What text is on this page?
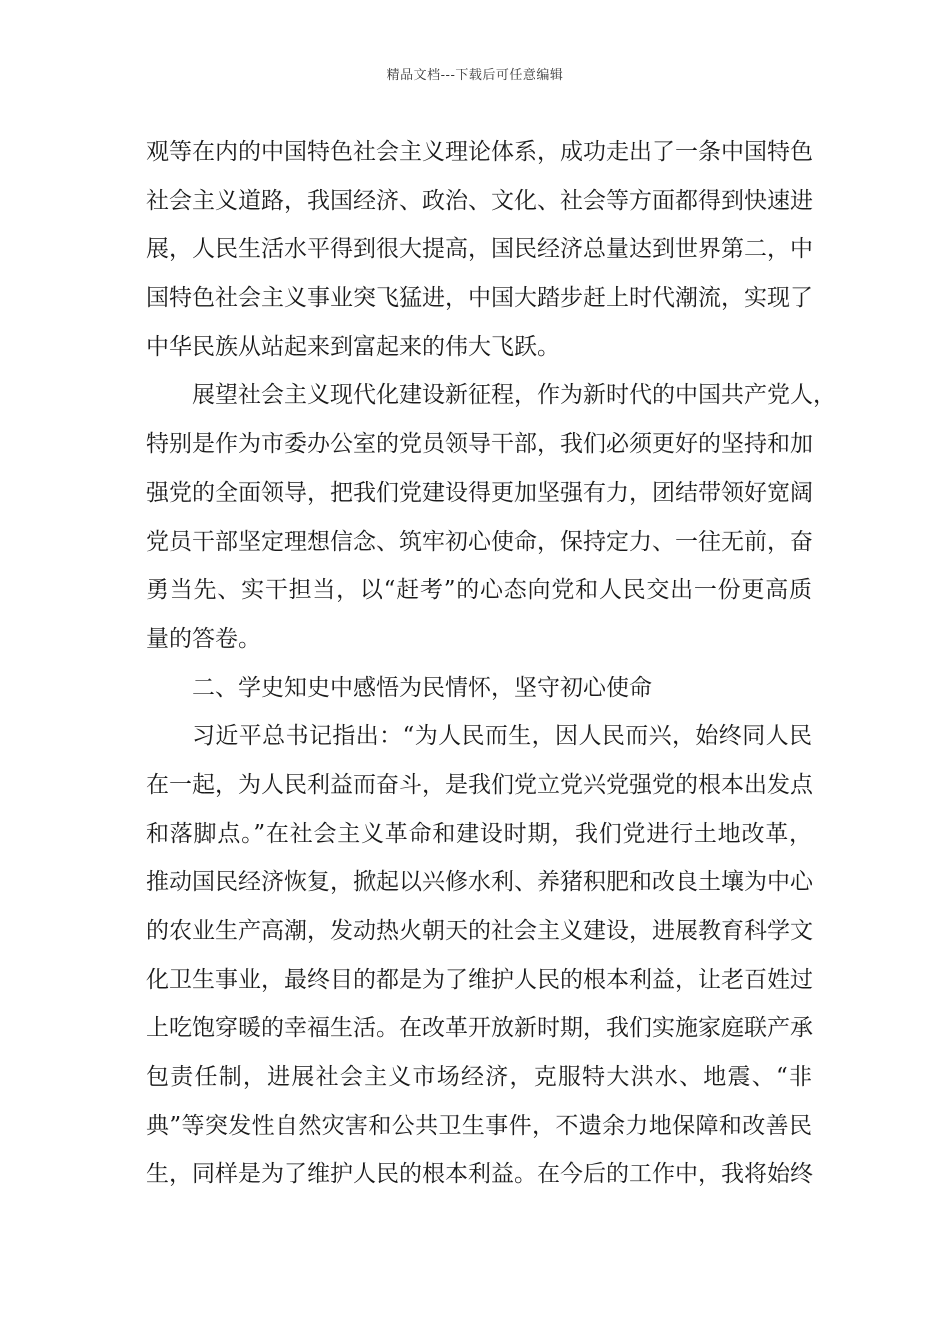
精品文档---下载后可任意编辑
观等在内的中国特色社会主义理论体系，成功走出了一条中国特色
社会主义道路，我国经济、政治、文化、社会等方面都得到快速进
展，人民生活水平得到很大提高，国民经济总量达到世界第二，中
国特色社会主义事业突飞猛进，中国大踏步赶上时代潮流，实现了
中华民族从站起来到富起来的伟大飞跃。
展望社会主义现代化建设新征程，作为新时代的中国共产党人，
特别是作为市委办公室的党员领导干部，我们必须更好的坚持和加
强党的全面领导，把我们党建设得更加坚强有力，团结带领好宽阔
党员干部坚定理想信念、筑牢初心使命，保持定力、一往无前，奋
勇当先、实干担当，以“赶考”的心态向党和人民交出一份更高质
量的答卷。
二、学史知史中感悟为民情怀，坚守初心使命
习近平总书记指出：“为人民而生，因人民而兴，始终同人民
在一起，为人民利益而奋斗，是我们党立党兴党强党的根本出发点
和落脚点。”在社会主义革命和建设时期，我们党进行土地改革，
推动国民经济恢复，掀起以兴修水利、养猪积肥和改良土壤为中心
的农业生产高潮，发动热火朝天的社会主义建设，进展教育科学文
化卫生事业，最终目的都是为了维护人民的根本利益，让老百姓过
上吃饱穿暖的幸福生活。在改革开放新时期，我们实施家庭联产承
包责任制，进展社会主义市场经济，克服特大洪水、地震、“非
典”等突发性自然灾害和公共卫生事件，不遗余力地保障和改善民
生，同样是为了维护人民的根本利益。在今后的工作中，我将始终
